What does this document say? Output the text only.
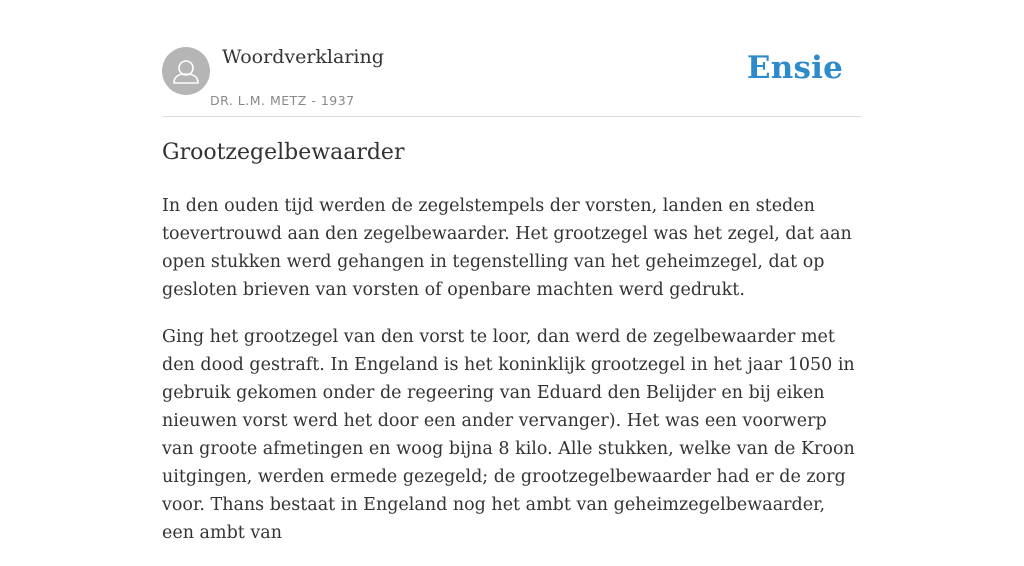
Woordverklaring
DR. L.M. METZ - 1937
Ensie
Grootzegelbewaarder

In den ouden tijd werden de zegelstempels der vorsten, landen en steden toevertrouwd aan den zegelbewaarder. Het grootzegel was het zegel, dat aan open stukken werd gehangen in tegenstelling van het geheimzegel, dat op gesloten brieven van vorsten of openbare machten werd gedrukt.

Ging het grootzegel van den vorst te loor, dan werd de zegelbewaarder met den dood gestraft. In Engeland is het koninklijk grootzegel in het jaar 1050 in gebruik gekomen onder de regeering van Eduard den Belijder en bij eiken nieuwen vorst werd het door een ander vervanger). Het was een voorwerp van groote afmetingen en woog bijna 8 kilo. Alle stukken, welke van de Kroon uitgingen, werden ermede gezegeld; de grootzegelbewaarder had er de zorg voor. Thans bestaat in Engeland nog het ambt van geheimzegelbewaarder, een ambt van
